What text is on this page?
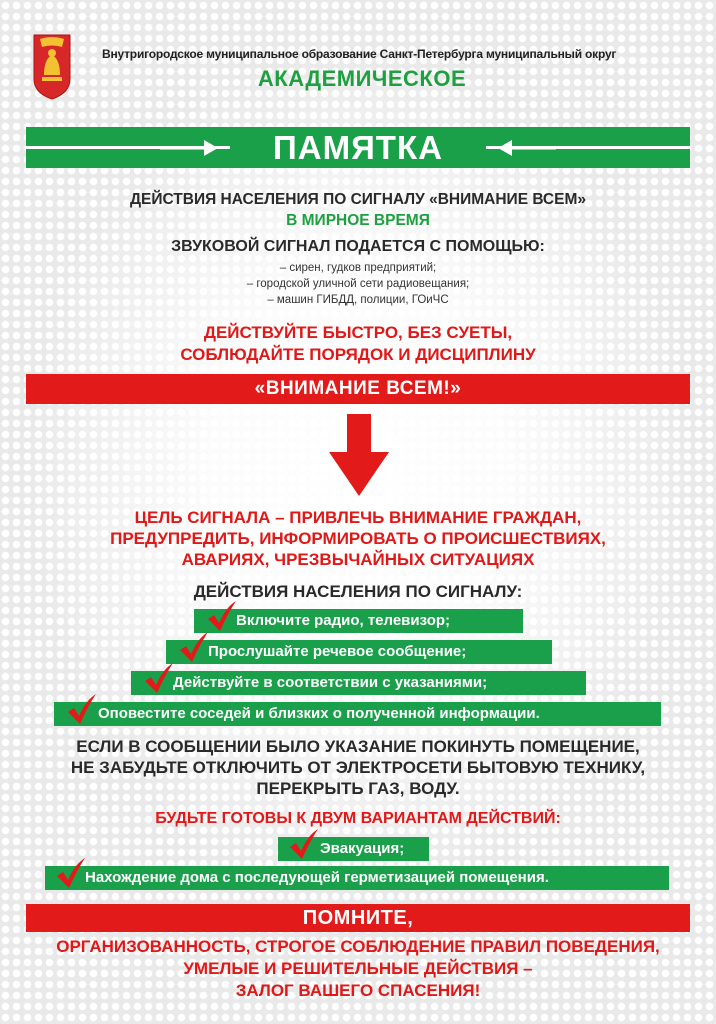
Внутригородское муниципальное образование Санкт-Петербурга муниципальный округ
АКАДЕМИЧЕСКОЕ
ПАМЯТКА
ДЕЙСТВИЯ НАСЕЛЕНИЯ ПО СИГНАЛУ «ВНИМАНИЕ ВСЕМ»
В МИРНОЕ ВРЕМЯ
ЗВУКОВОЙ СИГНАЛ ПОДАЕТСЯ С ПОМОЩЬЮ:
– сирен, гудков предприятий;
– городской уличной сети радиовещания;
– машин ГИБДД, полиции, ГОиЧС
ДЕЙСТВУЙТЕ БЫСТРО, БЕЗ СУЕТЫ,
СОБЛЮДАЙТЕ ПОРЯДОК И ДИСЦИПЛИНУ
«ВНИМАНИЕ ВСЕМ!»
ЦЕЛЬ СИГНАЛА – ПРИВЛЕЧЬ ВНИМАНИЕ ГРАЖДАН,
ПРЕДУПРЕДИТЬ, ИНФОРМИРОВАТЬ О ПРОИСШЕСТВИЯХ,
АВАРИЯХ, ЧРЕЗВЫЧАЙНЫХ СИТУАЦИЯХ
ДЕЙСТВИЯ НАСЕЛЕНИЯ ПО СИГНАЛУ:
Включите радио, телевизор;
Прослушайте речевое сообщение;
Действуйте в соответствии с указаниями;
Оповестите соседей и близких о полученной информации.
ЕСЛИ В СООБЩЕНИИ БЫЛО УКАЗАНИЕ ПОКИНУТЬ ПОМЕЩЕНИЕ,
НЕ ЗАБУДЬТЕ ОТКЛЮЧИТЬ ОТ ЭЛЕКТРОСЕТИ БЫТОВУЮ ТЕХНИКУ,
ПЕРЕКРЫТЬ ГАЗ, ВОДУ.
БУДЬТЕ ГОТОВЫ К ДВУМ ВАРИАНТАМ ДЕЙСТВИЙ:
Эвакуация;
Нахождение дома с последующей герметизацией помещения.
ПОМНИТЕ,
ОРГАНИЗОВАННОСТЬ, СТРОГОЕ СОБЛЮДЕНИЕ ПРАВИЛ ПОВЕДЕНИЯ,
УМЕЛЫЕ И РЕШИТЕЛЬНЫЕ ДЕЙСТВИЯ –
ЗАЛОГ ВАШЕГО СПАСЕНИЯ!
